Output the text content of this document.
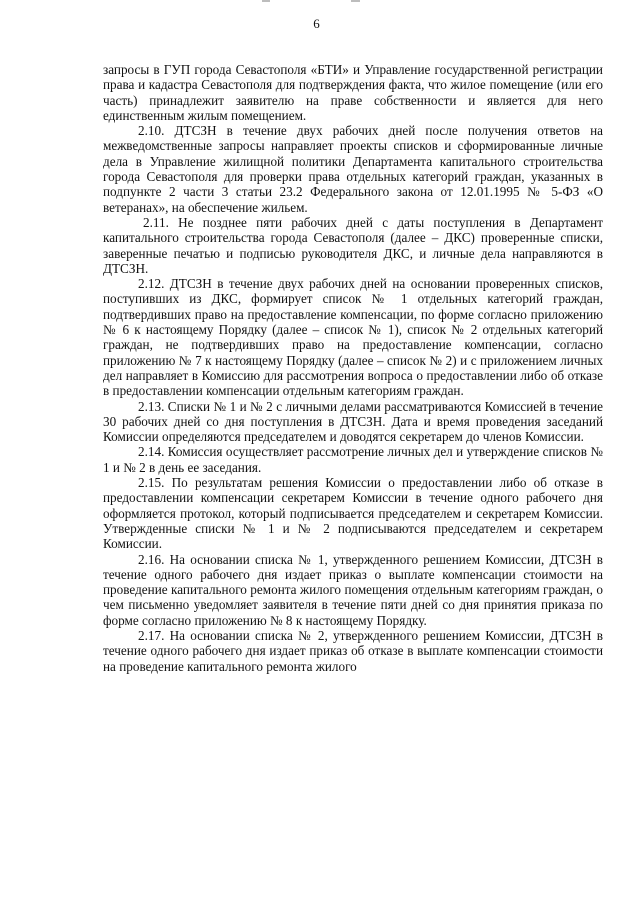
6

запросы в ГУП города Севастополя «БТИ» и Управление государственной регистрации права и кадастра Севастополя для подтверждения факта, что жилое помещение (или его часть) принадлежит заявителю на праве собственности и является для него единственным жилым помещением.

2.10. ДТСЗН в течение двух рабочих дней после получения ответов на межведомственные запросы направляет проекты списков и сформированные личные дела в Управление жилищной политики Департамента капитального строительства города Севастополя для проверки права отдельных категорий граждан, указанных в подпункте 2 части 3 статьи 23.2 Федерального закона от 12.01.1995 № 5-ФЗ «О ветеранах», на обеспечение жильем.

2.11. Не позднее пяти рабочих дней с даты поступления в Департамент капитального строительства города Севастополя (далее – ДКС) проверенные списки, заверенные печатью и подписью руководителя ДКС, и личные дела направляются в ДТСЗН.

2.12. ДТСЗН в течение двух рабочих дней на основании проверенных списков, поступивших из ДКС, формирует список № 1 отдельных категорий граждан, подтвердивших право на предоставление компенсации, по форме согласно приложению № 6 к настоящему Порядку (далее – список № 1), список № 2 отдельных категорий граждан, не подтвердивших право на предоставление компенсации, согласно приложению № 7 к настоящему Порядку (далее – список № 2) и с приложением личных дел направляет в Комиссию для рассмотрения вопроса о предоставлении либо об отказе в предоставлении компенсации отдельным категориям граждан.

2.13. Списки № 1 и № 2 с личными делами рассматриваются Комиссией в течение 30 рабочих дней со дня поступления в ДТСЗН. Дата и время проведения заседаний Комиссии определяются председателем и доводятся секретарем до членов Комиссии.

2.14. Комиссия осуществляет рассмотрение личных дел и утверждение списков № 1 и № 2 в день ее заседания.

2.15. По результатам решения Комиссии о предоставлении либо об отказе в предоставлении компенсации секретарем Комиссии в течение одного рабочего дня оформляется протокол, который подписывается председателем и секретарем Комиссии. Утвержденные списки № 1 и № 2 подписываются председателем и секретарем Комиссии.

2.16. На основании списка № 1, утвержденного решением Комиссии, ДТСЗН в течение одного рабочего дня издает приказ о выплате компенсации стоимости на проведение капитального ремонта жилого помещения отдельным категориям граждан, о чем письменно уведомляет заявителя в течение пяти дней со дня принятия приказа по форме согласно приложению № 8 к настоящему Порядку.

2.17. На основании списка № 2, утвержденного решением Комиссии, ДТСЗН в течение одного рабочего дня издает приказ об отказе в выплате компенсации стоимости на проведение капитального ремонта жилого
